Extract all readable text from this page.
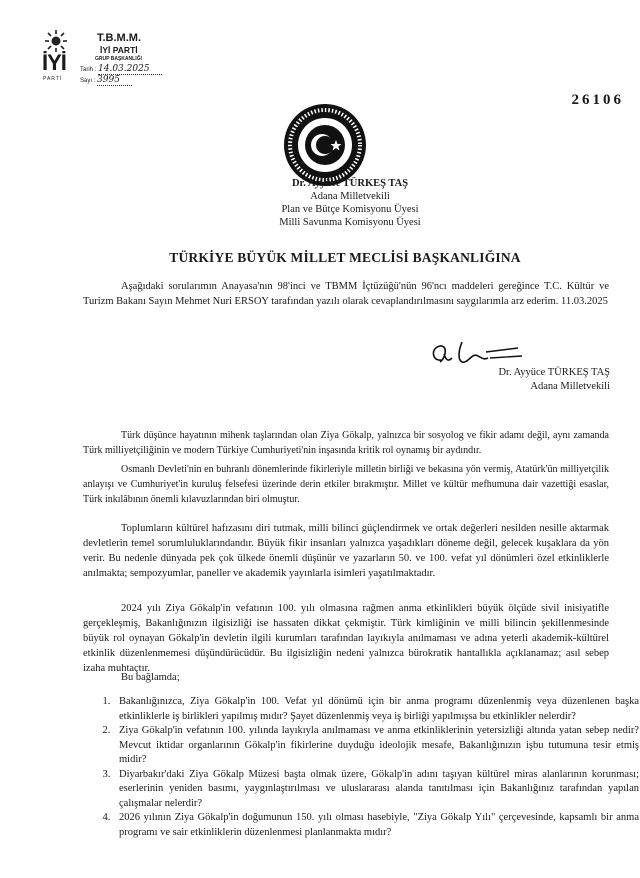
İYİ
PARTİ
T.B.M.M.
İYİ PARTİ
GRUP BAŞKANLIĞI
Tarih : 14.03.2025
Sayı : 3995
26106
Dr. Ayyüce TÜRKEŞ TAŞ
Adana Milletvekili
Plan ve Bütçe Komisyonu Üyesi
Milli Savunma Komisyonu Üyesi
TÜRKİYE BÜYÜK MİLLET MECLİSİ BAŞKANLIĞINA
Aşağıdaki sorularımın Anayasa'nın 98'inci ve TBMM İçtüzüğü'nün 96'ncı maddeleri gereğince T.C. Kültür ve Turizm Bakanı Sayın Mehmet Nuri ERSOY tarafından yazılı olarak cevaplandırılmasını saygılarımla arz ederim. 11.03.2025
Dr. Ayyüce TÜRKEŞ TAŞ
Adana Milletvekili
Türk düşünce hayatının mihenk taşlarından olan Ziya Gökalp, yalnızca bir sosyolog ve fikir adamı değil, aynı zamanda Türk milliyetçiliğinin ve modern Türkiye Cumhuriyeti'nin inşasında kritik rol oynamış bir aydındır.
Osmanlı Devleti'nin en buhranlı dönemlerinde fikirleriyle milletin birliği ve bekasına yön vermiş, Atatürk'ün milliyetçilik anlayışı ve Cumhuriyet'in kuruluş felsefesi üzerinde derin etkiler bırakmıştır. Millet ve kültür mefhumuna dair vazettiği esaslar, Türk inkılâbının önemli kılavuzlarından biri olmuştur.
Toplumların kültürel hafızasını diri tutmak, milli bilinci güçlendirmek ve ortak değerleri nesilden nesille aktarmak devletlerin temel sorumluluklarındandır. Büyük fikir insanları yalnızca yaşadıkları döneme değil, gelecek kuşaklara da yön verir. Bu nedenle dünyada pek çok ülkede önemli düşünür ve yazarların 50. ve 100. vefat yıl dönümleri özel etkinliklerle anılmakta; sempozyumlar, paneller ve akademik yayınlarla isimleri yaşatılmaktadır.
2024 yılı Ziya Gökalp'in vefatının 100. yılı olmasına rağmen anma etkinlikleri büyük ölçüde sivil inisiyatifle gerçekleşmiş, Bakanlığınızın ilgisizliği ise hassaten dikkat çekmiştir. Türk kimliğinin ve milli bilincin şekillenmesinde büyük rol oynayan Gökalp'in devletin ilgili kurumları tarafından layıkıyla anılmaması ve adına yeterli akademik-kültürel etkinlik düzenlenmemesi düşündürücüdür. Bu ilgisizliğin nedeni yalnızca bürokratik hantallıkla açıklanamaz; asıl sebep izaha muhtaçtır.
Bu bağlamda;
1. Bakanlığınızca, Ziya Gökalp'in 100. Vefat yıl dönümü için bir anma programı düzenlenmiş veya düzenlenen başka etkinliklerle iş birlikleri yapılmış mıdır? Şayet düzenlenmiş veya iş birliği yapılmışsa bu etkinlikler nelerdir?
2. Ziya Gökalp'in vefatının 100. yılında layıkıyla anılmaması ve anma etkinliklerinin yetersizliği altında yatan sebep nedir? Mevcut iktidar organlarının Gökalp'in fikirlerine duyduğu ideolojik mesafe, Bakanlığınızın işbu tutumuna tesir etmiş midir?
3. Diyarbakır'daki Ziya Gökalp Müzesi başta olmak üzere, Gökalp'in adını taşıyan kültürel miras alanlarının korunması; eserlerinin yeniden basımı, yaygınlaştırılması ve uluslararası alanda tanıtılması için Bakanlığınız tarafından yapılan çalışmalar nelerdir?
4. 2026 yılının Ziya Gökalp'in doğumunun 150. yılı olması hasebiyle, "Ziya Gökalp Yılı" çerçevesinde, kapsamlı bir anma programı ve sair etkinliklerin düzenlenmesi planlanmakta mıdır?
